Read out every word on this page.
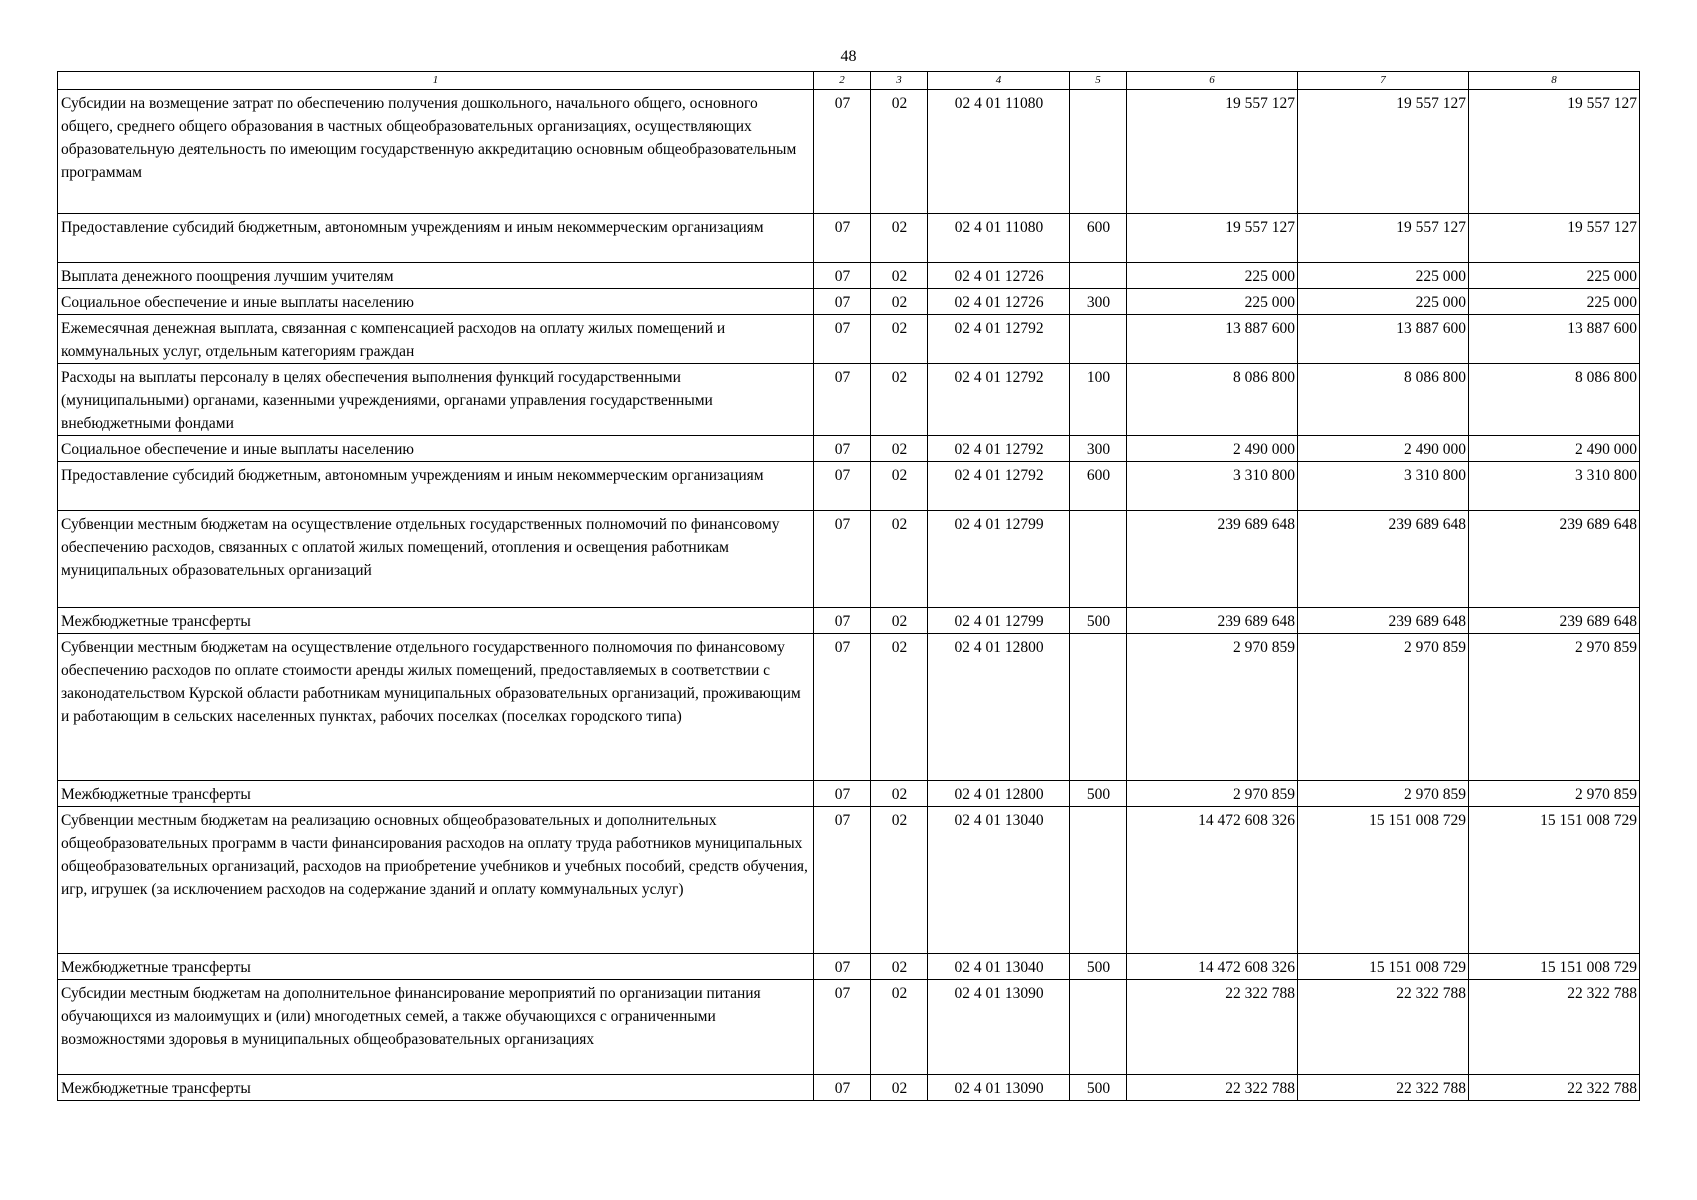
48
1	2	3	4	5	6	7	8
Субсидии на возмещение затрат по обеспечению получения дошкольного, начального общего, основного общего, среднего общего образования в частных общеобразовательных организациях, осуществляющих образовательную деятельность по имеющим государственную аккредитацию основным общеобразовательным программам	07	02	02 4 01 11080		19 557 127	19 557 127	19 557 127
Предоставление субсидий бюджетным, автономным учреждениям и иным некоммерческим организациям	07	02	02 4 01 11080	600	19 557 127	19 557 127	19 557 127
Выплата денежного поощрения лучшим учителям	07	02	02 4 01 12726		225 000	225 000	225 000
Социальное обеспечение и иные выплаты населению	07	02	02 4 01 12726	300	225 000	225 000	225 000
Ежемесячная денежная выплата, связанная с компенсацией расходов на оплату жилых помещений и коммунальных услуг, отдельным категориям граждан	07	02	02 4 01 12792		13 887 600	13 887 600	13 887 600
Расходы на выплаты персоналу в целях обеспечения выполнения функций государственными (муниципальными) органами, казенными учреждениями, органами управления государственными внебюджетными фондами	07	02	02 4 01 12792	100	8 086 800	8 086 800	8 086 800
Социальное обеспечение и иные выплаты населению	07	02	02 4 01 12792	300	2 490 000	2 490 000	2 490 000
Предоставление субсидий бюджетным, автономным учреждениям и иным некоммерческим организациям	07	02	02 4 01 12792	600	3 310 800	3 310 800	3 310 800
Субвенции местным бюджетам на осуществление отдельных государственных полномочий по финансовому обеспечению расходов, связанных с оплатой жилых помещений, отопления и освещения работникам муниципальных образовательных организаций	07	02	02 4 01 12799		239 689 648	239 689 648	239 689 648
Межбюджетные трансферты	07	02	02 4 01 12799	500	239 689 648	239 689 648	239 689 648
Субвенции местным бюджетам на осуществление отдельного государственного полномочия по финансовому обеспечению расходов по оплате стоимости аренды жилых помещений, предоставляемых в соответствии с законодательством Курской области работникам муниципальных образовательных организаций, проживающим и работающим в сельских населенных пунктах, рабочих поселках (поселках городского типа)	07	02	02 4 01 12800		2 970 859	2 970 859	2 970 859
Межбюджетные трансферты	07	02	02 4 01 12800	500	2 970 859	2 970 859	2 970 859
Субвенции местным бюджетам на реализацию основных общеобразовательных и дополнительных общеобразовательных программ в части финансирования расходов на оплату труда работников муниципальных общеобразовательных организаций, расходов на приобретение учебников и учебных пособий, средств обучения, игр, игрушек (за исключением расходов на содержание зданий и оплату коммунальных услуг)	07	02	02 4 01 13040		14 472 608 326	15 151 008 729	15 151 008 729
Межбюджетные трансферты	07	02	02 4 01 13040	500	14 472 608 326	15 151 008 729	15 151 008 729
Субсидии местным бюджетам на дополнительное финансирование мероприятий по организации питания обучающихся из малоимущих и (или) многодетных семей, а также обучающихся с ограниченными возможностями здоровья в муниципальных общеобразовательных организациях	07	02	02 4 01 13090		22 322 788	22 322 788	22 322 788
Межбюджетные трансферты	07	02	02 4 01 13090	500	22 322 788	22 322 788	22 322 788
